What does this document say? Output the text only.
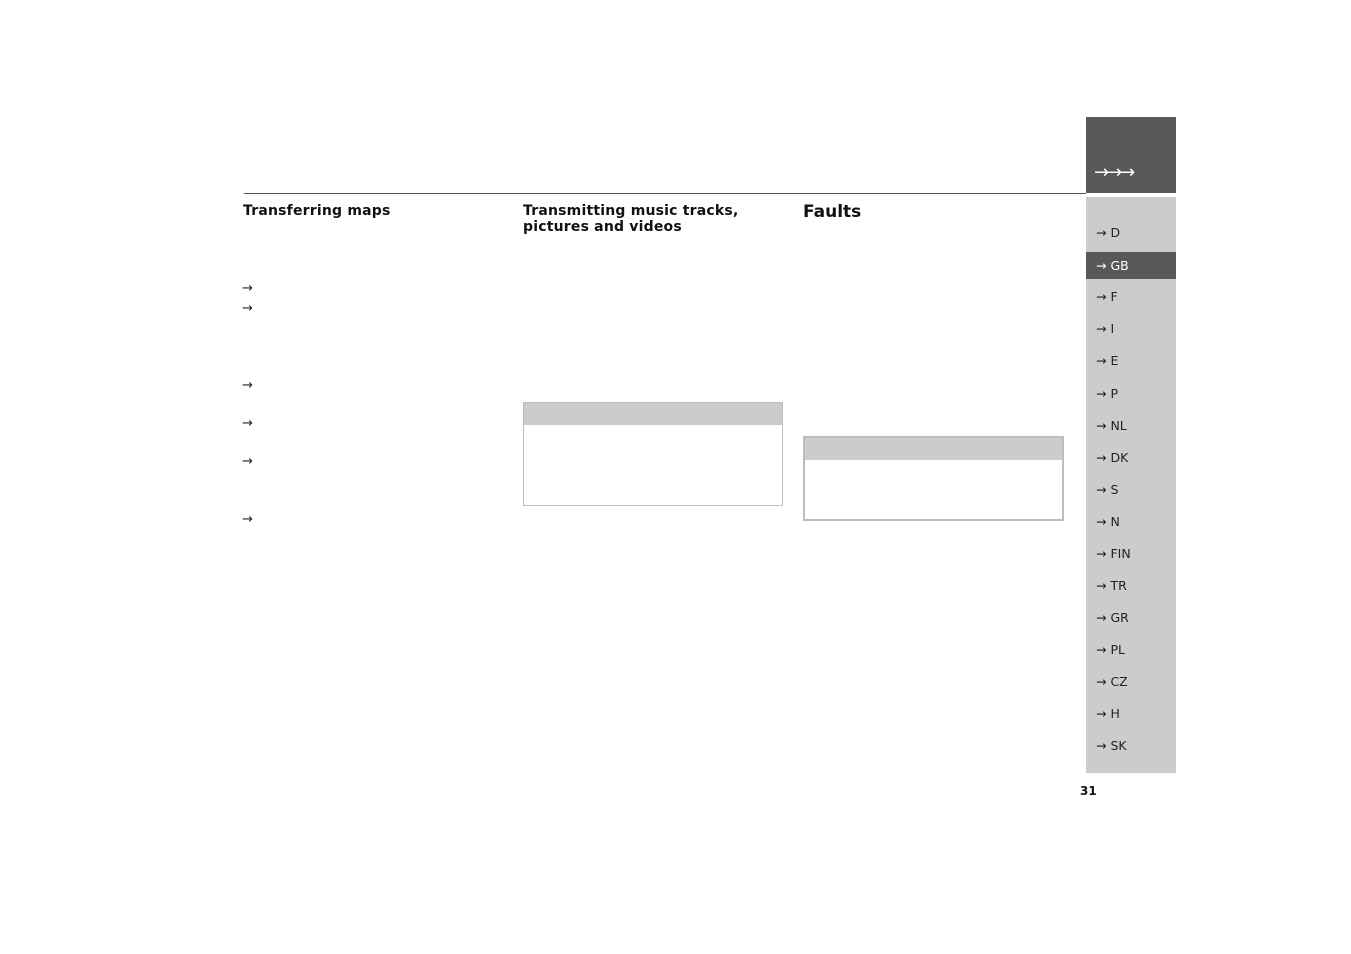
Transferring maps	Transmitting music tracks, pictures and videos
Faults
→
→
→
→
→
→
→→→
→ D
→ GB
→ F
→ I
→ E
→ P
→ NL
→ DK
→ S
→ N
→ FIN
→ TR
→ GR
→ PL
→ CZ
→ H
→ SK
31
